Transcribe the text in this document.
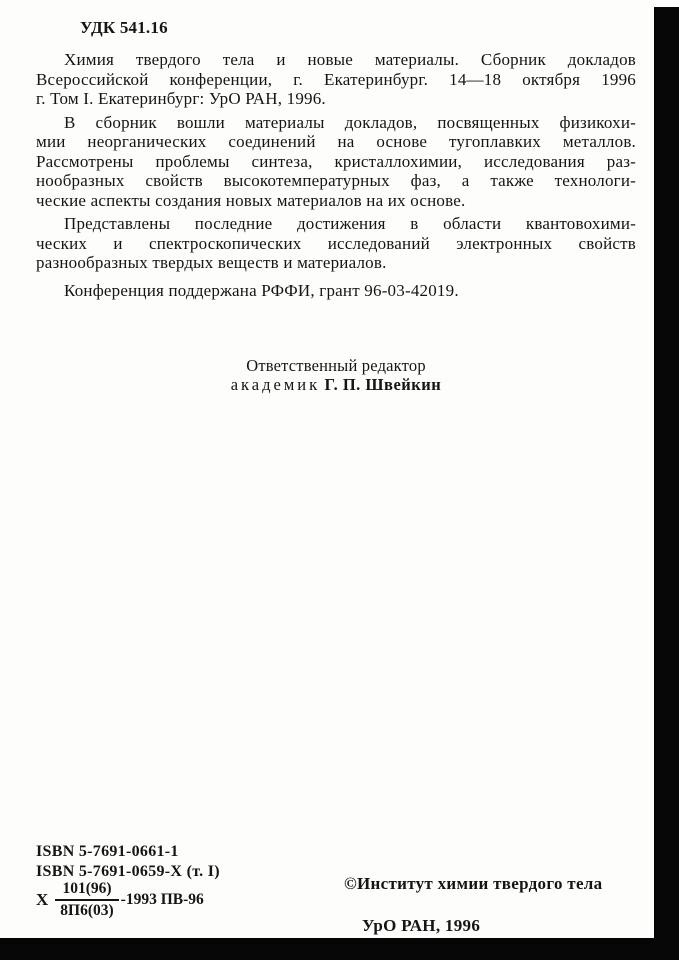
УДК 541.16
Химия твердого тела и новые материалы. Сборник докладов
Всероссийской конференции, г. Екатеринбург. 14—18 октября 1996
г. Том I. Екатеринбург: УрО РАН, 1996.
В сборник вошли материалы докладов, посвященных физикохи-
мии неорганических соединений на основе тугоплавких металлов.
Рассмотрены проблемы синтеза, кристаллохимии, исследования раз-
нообразных свойств высокотемпературных фаз, а также технологи-
ческие аспекты создания новых материалов на их основе.
Представлены последние достижения в области квантовохими-
ческих и спектроскопических исследований электронных свойств
разнообразных твердых веществ и материалов.
Конференция поддержана РФФИ, грант 96-03-42019.
Ответственный редактор
академик Г. П. Швейкин
ISBN 5-7691-0661-1
ISBN 5-7691-0659-X (т. I)
Х $\frac{101(96)}{8П6(03)} -1993$ ПВ-96
©Институт химии твердого тела
УрО РАН, 1996
